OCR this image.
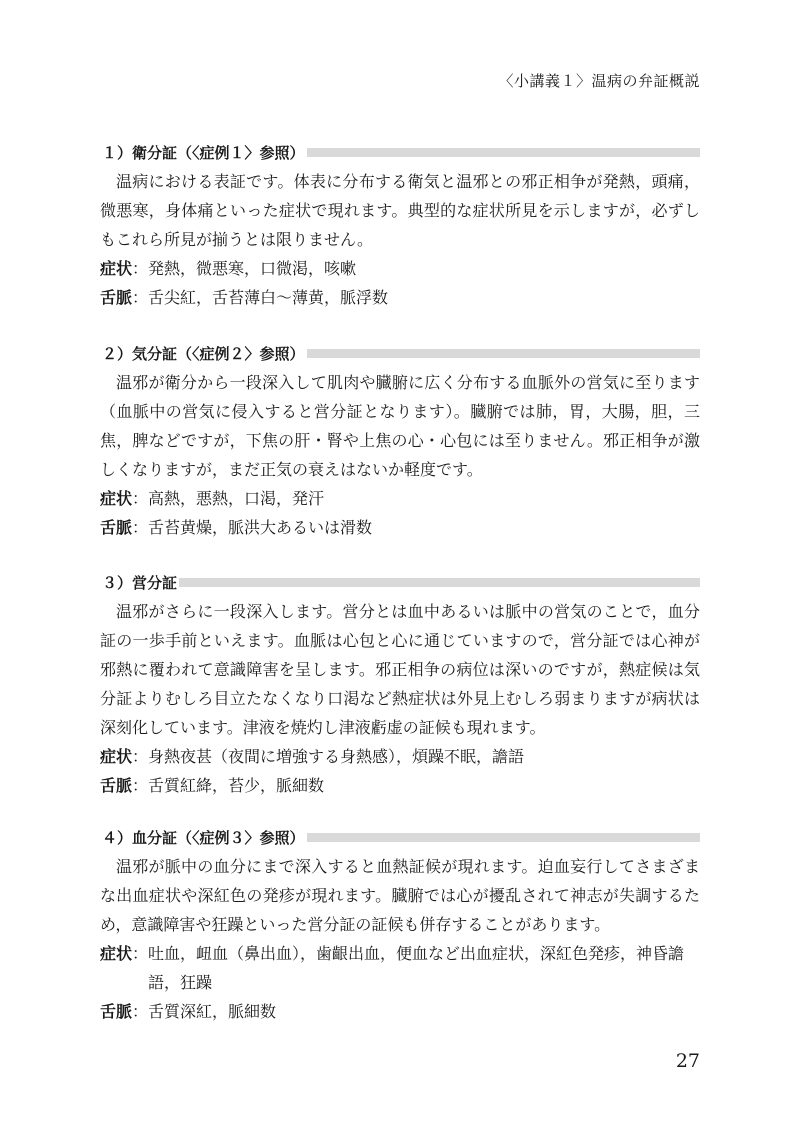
〈小講義１〉温病の弁証概説
１）衛分証（〈症例１〉参照）
温病における表証です。体表に分布する衛気と温邪との邪正相争が発熱，頭痛，微悪寒，身体痛といった症状で現れます。典型的な症状所見を示しますが，必ずしもこれら所見が揃うとは限りません。
症状 ： 発熱，微悪寒，口微渇，咳嗽
舌脈 ： 舌尖紅，舌苔薄白～薄黄，脈浮数
２）気分証（〈症例２〉参照）
温邪が衛分から一段深入して肌肉や臓腑に広く分布する血脈外の営気に至ります（血脈中の営気に侵入すると営分証となります）。臓腑では肺，胃，大腸，胆，三焦，脾などですが，下焦の肝・腎や上焦の心・心包には至りません。邪正相争が激しくなりますが，まだ正気の衰えはないか軽度です。
症状 ： 高熱，悪熱，口渇，発汗
舌脈 ： 舌苔黄燥，脈洪大あるいは滑数
３）営分証
温邪がさらに一段深入します。営分とは血中あるいは脈中の営気のことで，血分証の一歩手前といえます。血脈は心包と心に通じていますので，営分証では心神が邪熱に覆われて意識障害を呈します。邪正相争の病位は深いのですが，熱症候は気分証よりむしろ目立たなくなり口渇など熱症状は外見上むしろ弱まりますが病状は深刻化しています。津液を焼灼し津液虧虚の証候も現れます。
症状 ： 身熱夜甚（夜間に増強する身熱感），煩躁不眠，譫語
舌脈 ： 舌質紅絳，苔少，脈細数
４）血分証（〈症例３〉参照）
温邪が脈中の血分にまで深入すると血熱証候が現れます。迫血妄行してさまざまな出血症状や深紅色の発疹が現れます。臓腑では心が擾乱されて神志が失調するため，意識障害や狂躁といった営分証の証候も併存することがあります。
症状 ： 吐血，衄血（鼻出血），歯齦出血，便血など出血症状，深紅色発疹，神昏譫語，狂躁
舌脈 ： 舌質深紅，脈細数
27
